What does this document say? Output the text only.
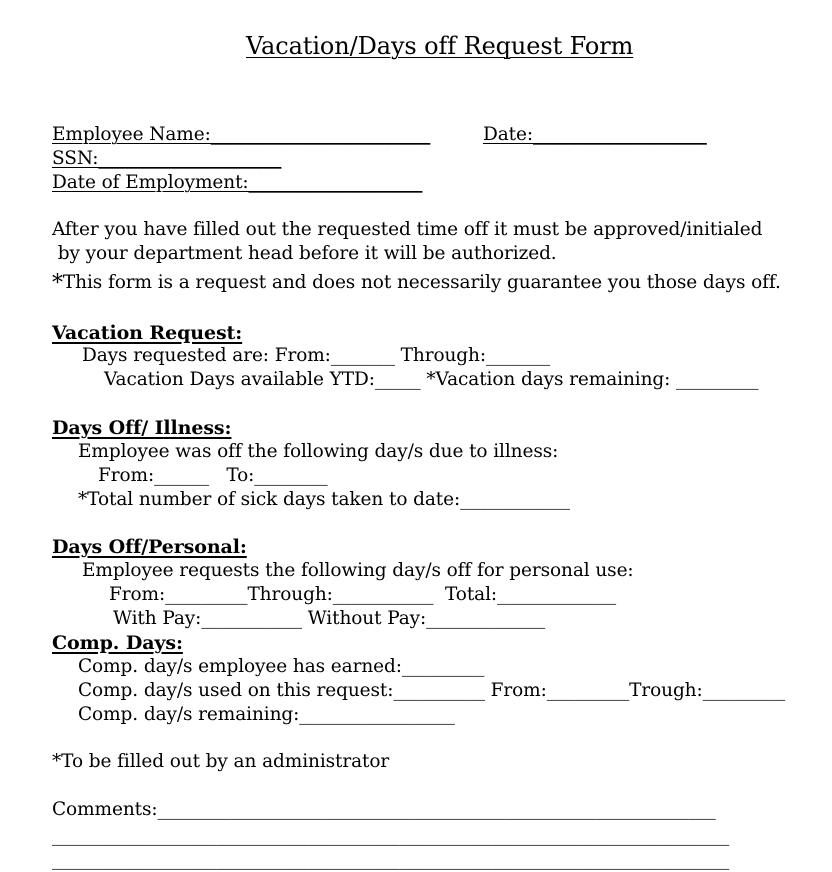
Vacation/Days off Request Form
Employee Name:________________________	Date:___________________
SSN:____________________
Date of Employment:___________________
After you have filled out the requested time off it must be approved/initialed
by your department head before it will be authorized.
*This form is a request and does not necessarily guarantee you those days off.
Vacation Request:
Days requested are: From:_______ Through:_______
Vacation Days available YTD:_____ *Vacation days remaining: _________
Days Off/ Illness:
Employee was off the following day/s due to illness:
From:______   To:________
*Total number of sick days taken to date:____________
Days Off/Personal:
Employee requests the following day/s off for personal use:
From:_________Through:___________  Total:_____________
With Pay:___________ Without Pay:_____________
Comp. Days:
Comp. day/s employee has earned:_________
Comp. day/s used on this request:__________ From:_________Trough:_________
Comp. day/s remaining:_________________
*To be filled out by an administrator
Comments:_____________________________________________________________
__________________________________________________________________________
__________________________________________________________________________
